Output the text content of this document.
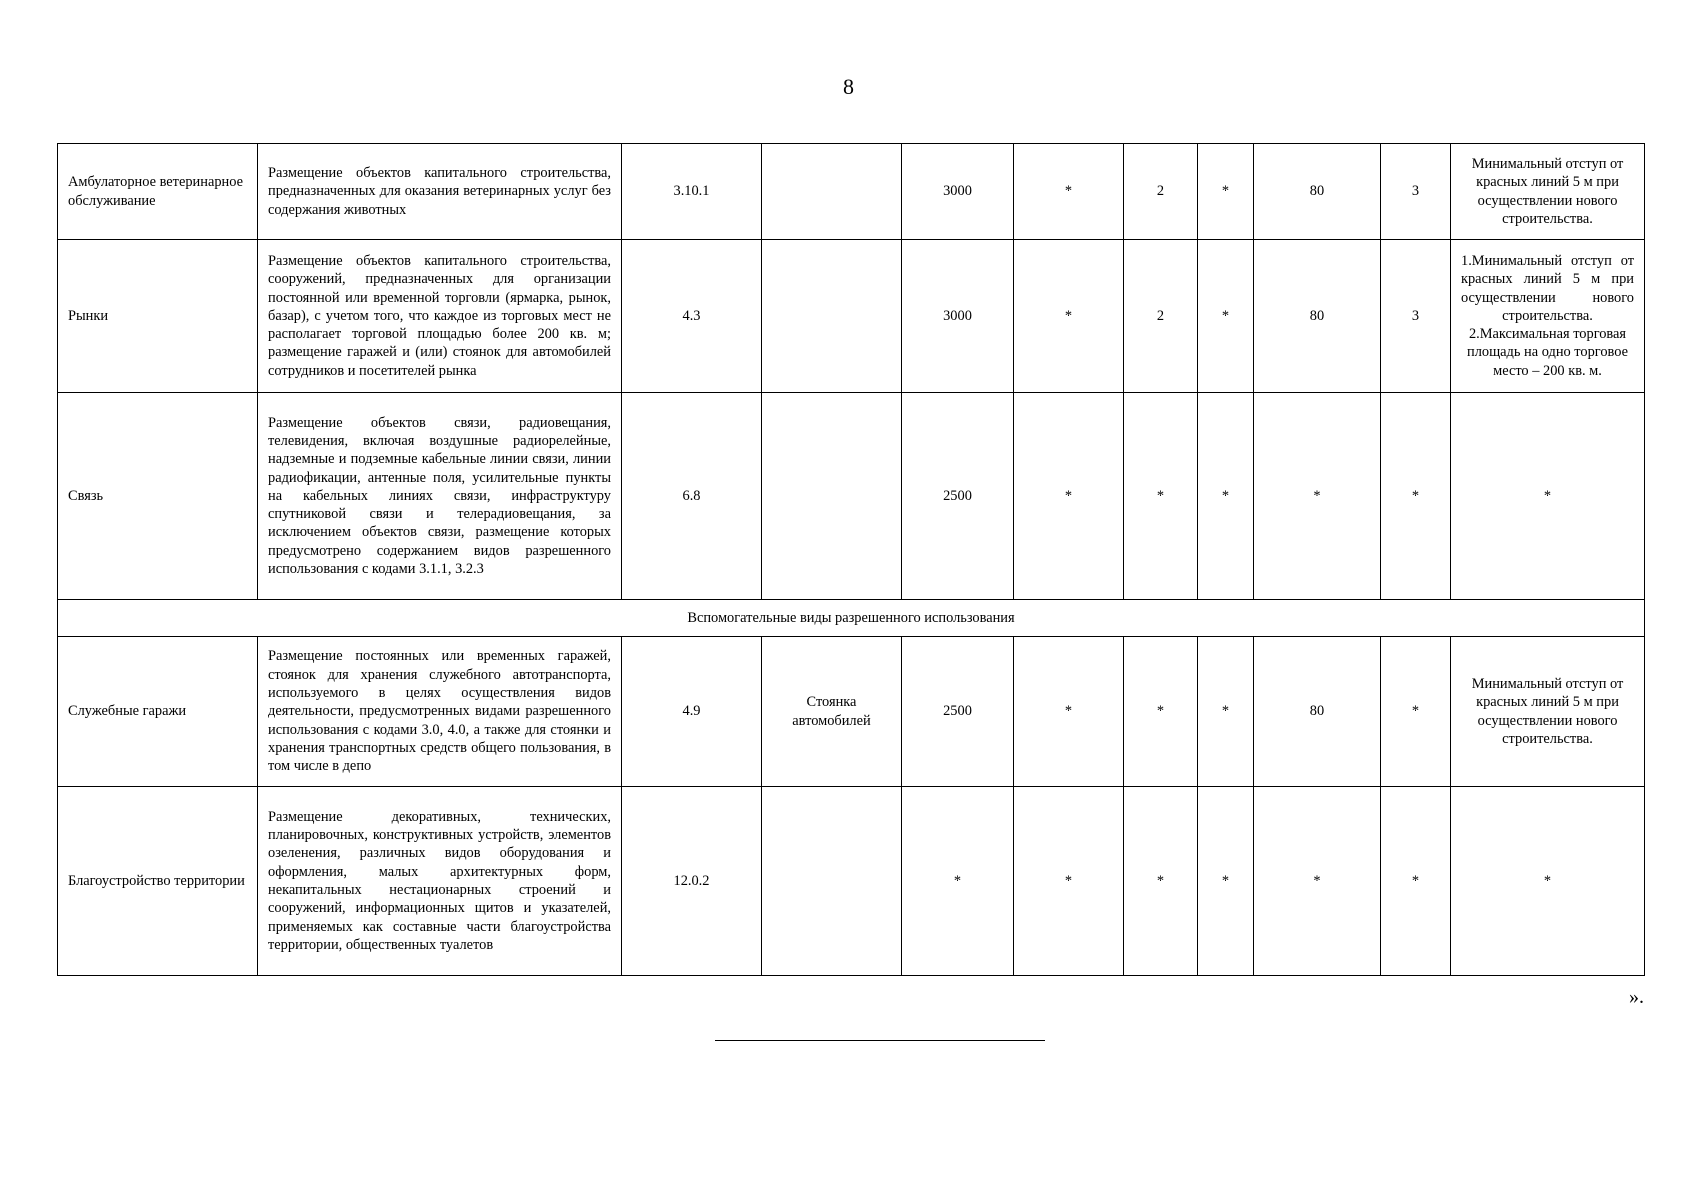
8
Амбулаторное ветеринарное обслуживание	Размещение объектов капитального строительства, предназначенных для оказания ветеринарных услуг без содержания животных	3.10.1		3000	*	2	*	80	3	Минимальный отступ от красных линий 5 м при осуществлении нового строительства.
Рынки	Размещение объектов капитального строительства, сооружений, предназначенных для организации постоянной или временной торговли (ярмарка, рынок, базар), с учетом того, что каждое из торговых мест не располагает торговой площадью более 200 кв. м; размещение гаражей и (или) стоянок для автомобилей сотрудников и посетителей рынка	4.3		3000	*	2	*	80	3	1.Минимальный отступ от красных линий 5 м при осуществлении нового строительства.
2.Максимальная торговая площадь на одно торговое место – 200 кв. м.

Связь	Размещение объектов связи, радиовещания, телевидения, включая воздушные радиорелейные, надземные и подземные кабельные линии связи, линии радиофикации, антенные поля, усилительные пункты на кабельных линиях связи, инфраструктуру спутниковой связи и телерадиовещания, за исключением объектов связи, размещение которых предусмотрено содержанием видов разрешенного использования с кодами 3.1.1, 3.2.3	6.8		2500	*	*	*	*	*	*
Вспомогательные виды разрешенного использования										
Служебные гаражи	Размещение постоянных или временных гаражей, стоянок для хранения служебного автотранспорта, используемого в целях осуществления видов деятельности, предусмотренных видами разрешенного использования с кодами 3.0, 4.0, а также для стоянки и хранения транспортных средств общего пользования, в том числе в депо	4.9	Стоянка автомобилей	2500	*	*	*	80	*	Минимальный отступ от красных линий 5 м при осуществлении нового строительства.
Благоустройство территории	Размещение декоративных, технических, планировочных, конструктивных устройств, элементов озеленения, различных видов оборудования и оформления, малых архитектурных форм, некапитальных нестационарных строений и сооружений, информационных щитов и указателей, применяемых как составные части благоустройства территории, общественных туалетов	12.0.2		*	*	*	*	*	*	*
».
